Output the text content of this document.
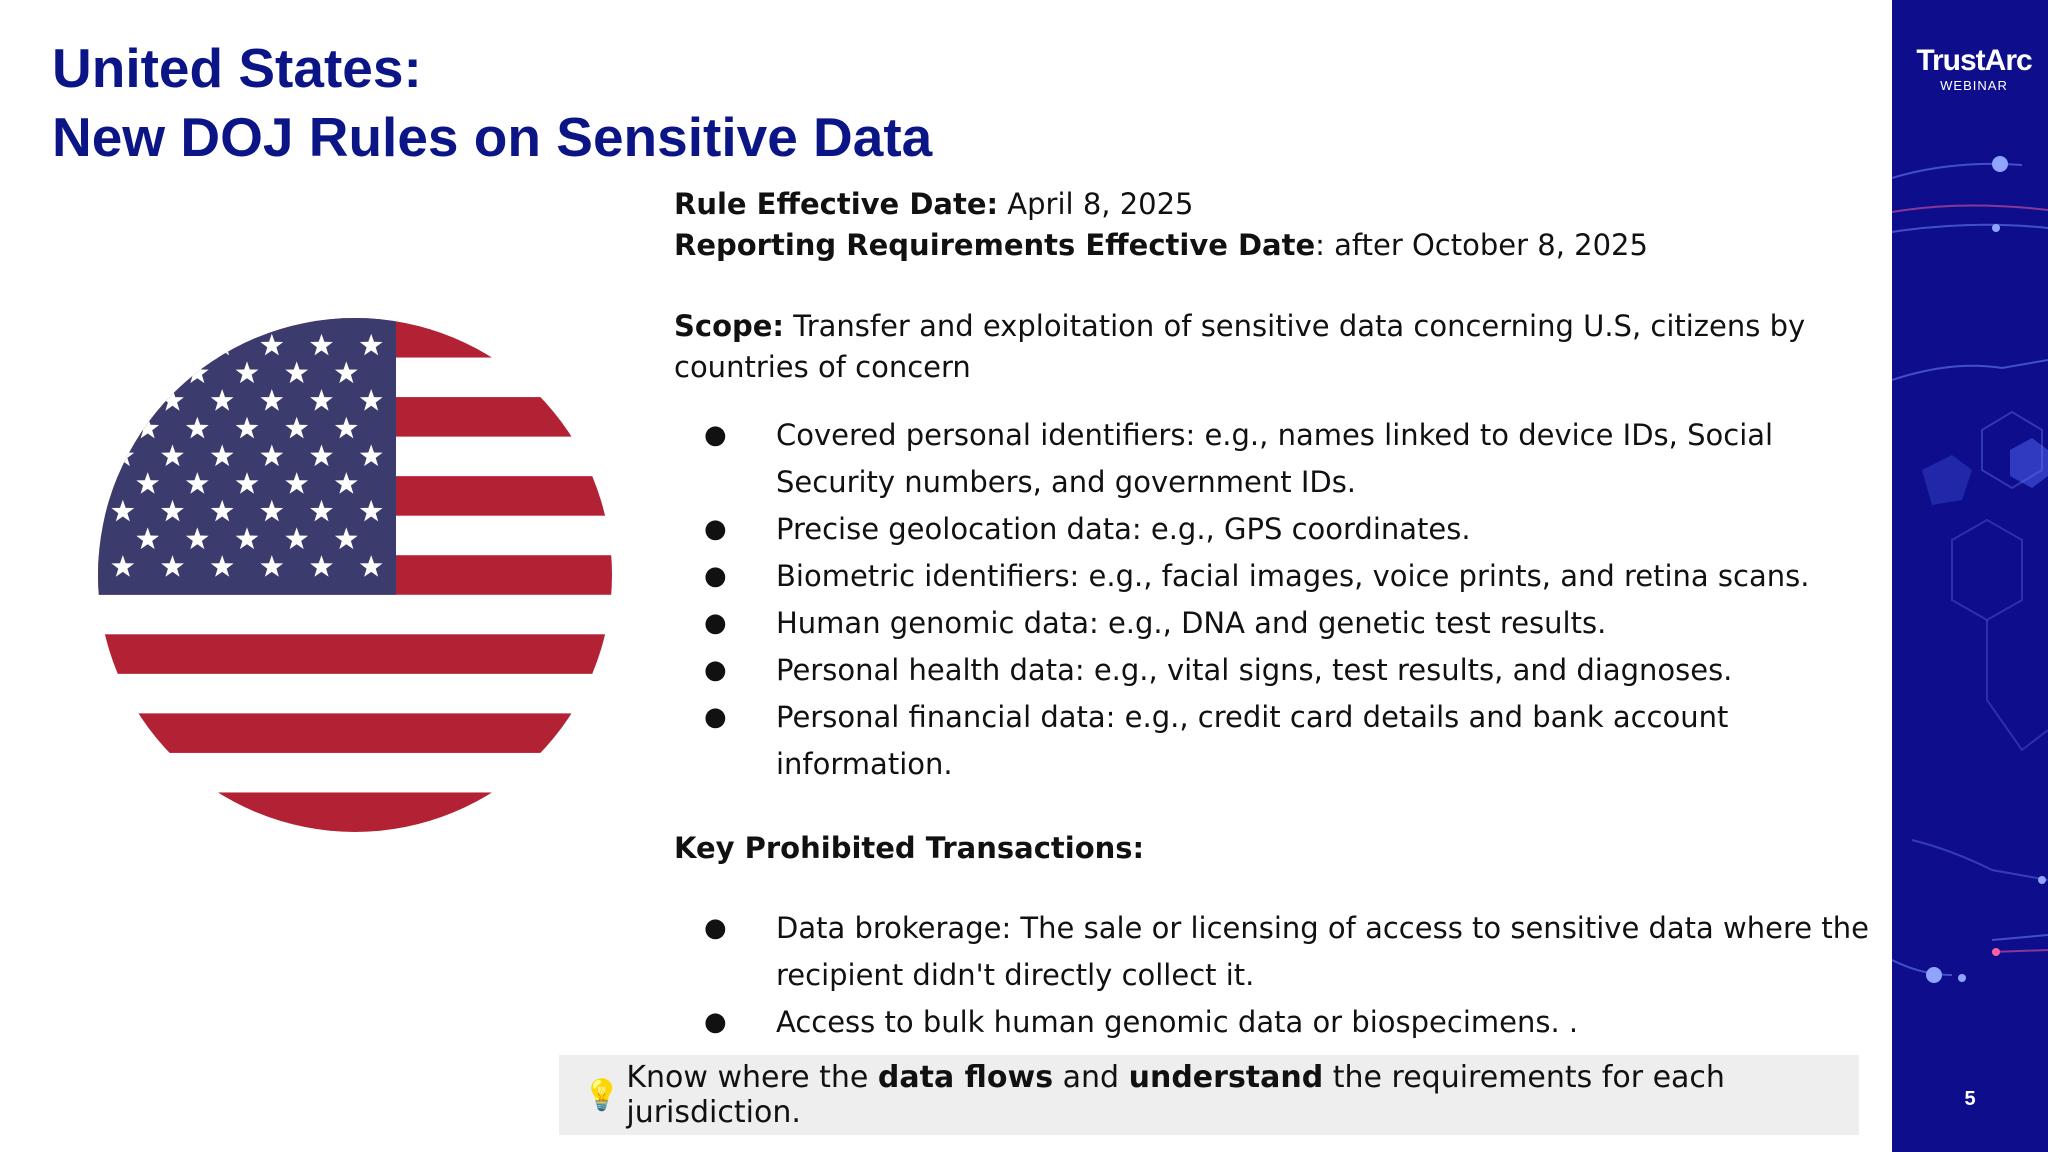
United States:
New DOJ Rules on Sensitive Data

Rule Effective Date: April 8, 2025

Reporting Requirements Effective Date: after October 8, 2025

Scope: Transfer and exploitation of sensitive data concerning U.S, citizens by countries of concern

● Covered personal identifiers: e.g., names linked to device IDs, Social Security numbers, and government IDs.
● Precise geolocation data: e.g., GPS coordinates.
● Biometric identifiers: e.g., facial images, voice prints, and retina scans.
● Human genomic data: e.g., DNA and genetic test results.
● Personal health data: e.g., vital signs, test results, and diagnoses.
● Personal financial data: e.g., credit card details and bank account information.

Key Prohibited Transactions:

● Data brokerage: The sale or licensing of access to sensitive data where the recipient didn't directly collect it.
● Access to bulk human genomic data or biospecimens. .
💡 Know where the data flows and understand the requirements for each jurisdiction.
TrustArc
WEBINAR
5
